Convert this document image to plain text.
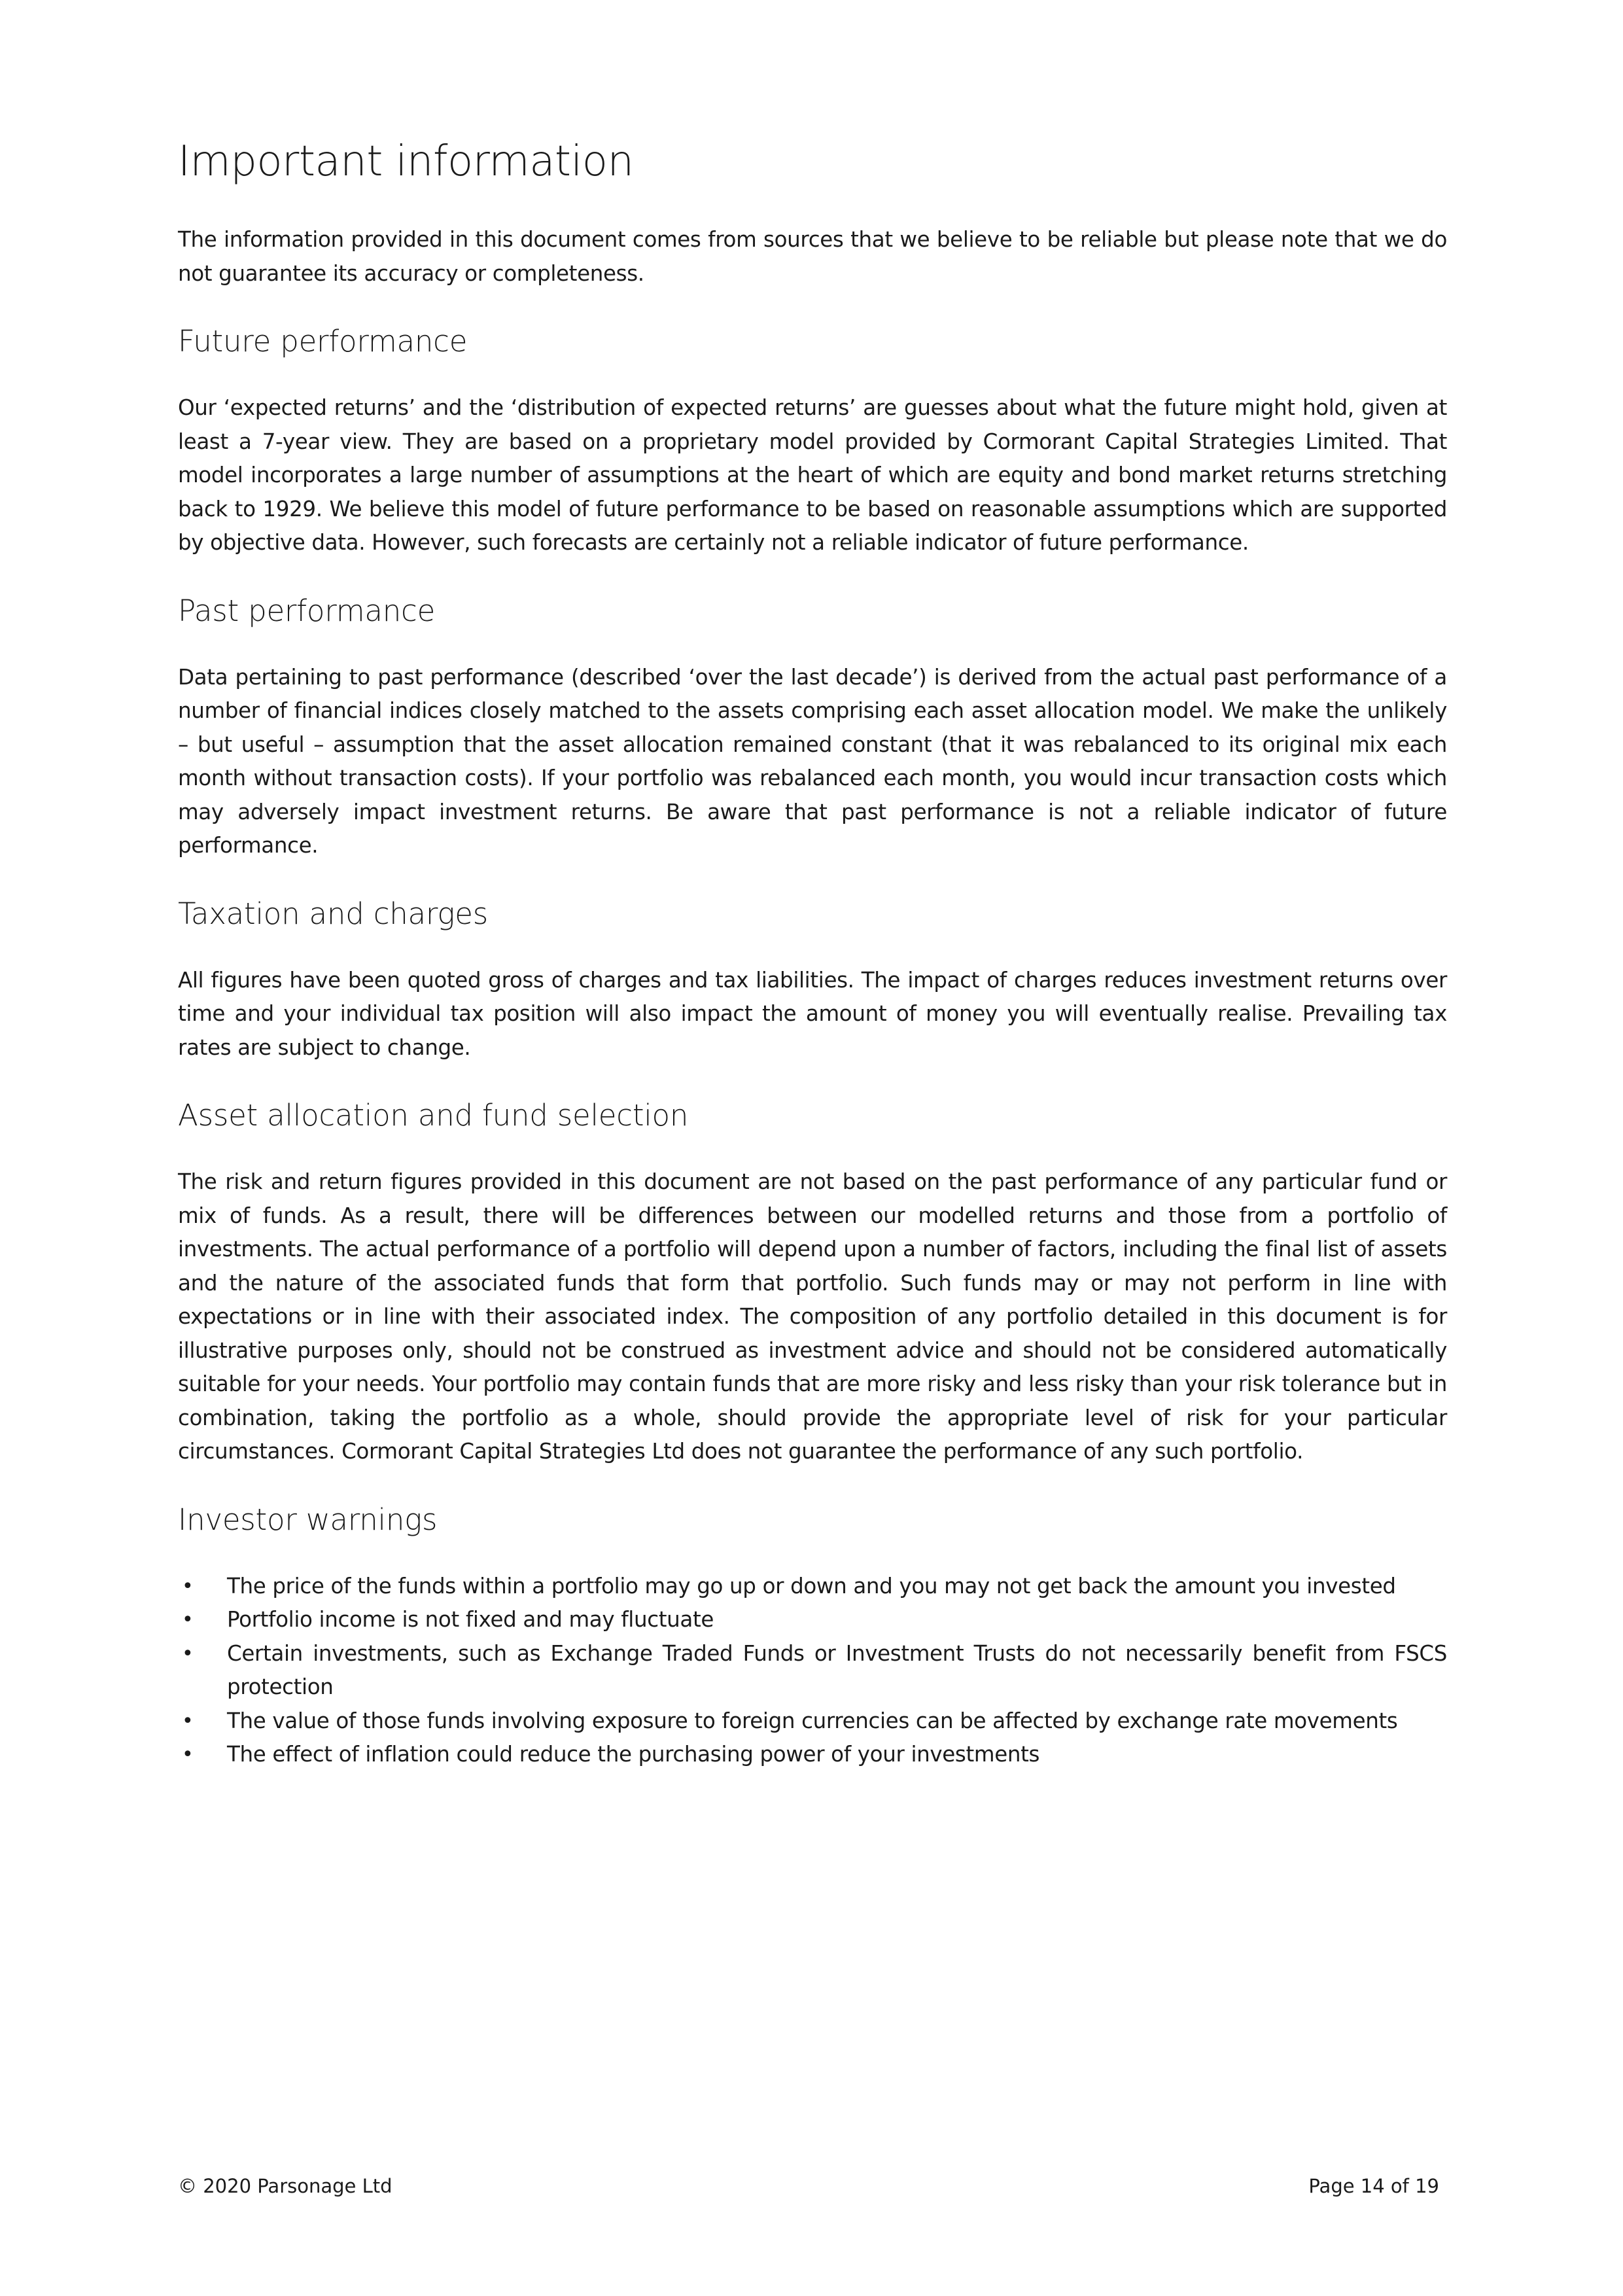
Important information

The information provided in this document comes from sources that we believe to be reliable but please note that we do not guarantee its accuracy or completeness.

Future performance

Our ‘expected returns’ and the ‘distribution of expected returns’ are guesses about what the future might hold, given at least a 7-year view. They are based on a proprietary model provided by Cormorant Capital Strategies Limited. That model incorporates a large number of assumptions at the heart of which are equity and bond market returns stretching back to 1929. We believe this model of future performance to be based on reasonable assumptions which are supported by objective data. However, such forecasts are certainly not a reliable indicator of future performance.

Past performance

Data pertaining to past performance (described ‘over the last decade’) is derived from the actual past performance of a number of financial indices closely matched to the assets comprising each asset allocation model. We make the unlikely – but useful – assumption that the asset allocation remained constant (that it was rebalanced to its original mix each month without transaction costs). If your portfolio was rebalanced each month, you would incur transaction costs which may adversely impact investment returns. Be aware that past performance is not a reliable indicator of future performance.

Taxation and charges

All figures have been quoted gross of charges and tax liabilities. The impact of charges reduces investment returns over time and your individual tax position will also impact the amount of money you will eventually realise. Prevailing tax rates are subject to change.

Asset allocation and fund selection

The risk and return figures provided in this document are not based on the past performance of any particular fund or mix of funds. As a result, there will be differences between our modelled returns and those from a portfolio of investments. The actual performance of a portfolio will depend upon a number of factors, including the final list of assets and the nature of the associated funds that form that portfolio. Such funds may or may not perform in line with expectations or in line with their associated index. The composition of any portfolio detailed in this document is for illustrative purposes only, should not be construed as investment advice and should not be considered automatically suitable for your needs. Your portfolio may contain funds that are more risky and less risky than your risk tolerance but in combination, taking the portfolio as a whole, should provide the appropriate level of risk for your particular circumstances. Cormorant Capital Strategies Ltd does not guarantee the performance of any such portfolio.

Investor warnings
• The price of the funds within a portfolio may go up or down and you may not get back the amount you invested
• Portfolio income is not fixed and may fluctuate
• Certain investments, such as Exchange Traded Funds or Investment Trusts do not necessarily benefit from FSCS protection
• The value of those funds involving exposure to foreign currencies can be affected by exchange rate movements
• The effect of inflation could reduce the purchasing power of your investments
© 2020 Parsonage Ltd	Page 14 of 19
